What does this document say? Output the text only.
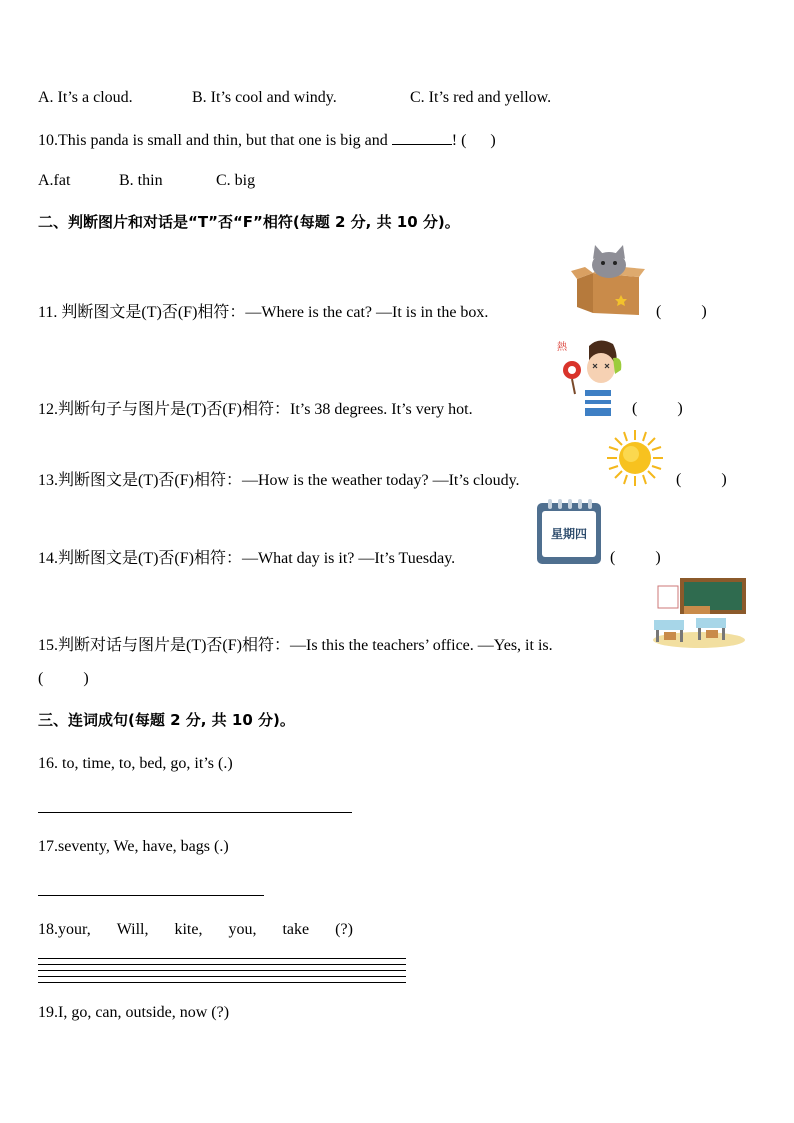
A. It’s a cloud.	B. It’s cool and windy.	C. It’s red and yellow.
10.This panda is small and thin, but that one is big and	! (      )
A.fat	B. thin	C. big
二、判断图片和对话是“T”否“F”相符(每题 2 分, 共 10 分)。
11. 判断图文是(T)否(F)相符：—Where is the cat? —It is in the box.	(          )
12.判断句子与图片是(T)否(F)相符：It’s 38 degrees. It’s very hot.
熱
(          )
13.判断图文是(T)否(F)相符：—How is the weather today? —It’s cloudy.	(          )
14.判断图文是(T)否(F)相符：—What day is it? —It’s Tuesday.
星期四
(          )
15.判断对话与图片是(T)否(F)相符：—Is this the teachers’ office. —Yes, it is.
(          )
三、连词成句(每题 2 分, 共 10 分)。
16. to, time, to, bed, go, it’s (.)
17.seventy, We, have, bags (.)
18.your, Will, kite, you, take (?)
19.I, go, can, outside, now (?)
